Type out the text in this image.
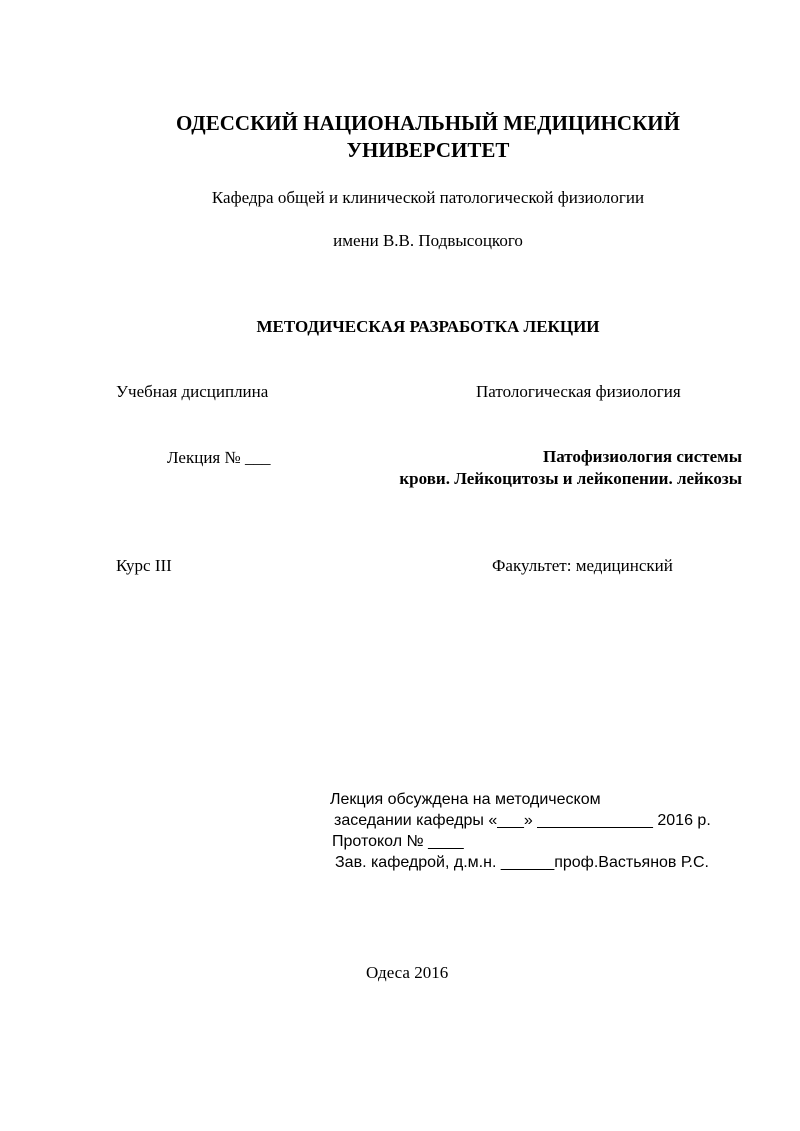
ОДЕССКИЙ НАЦИОНАЛЬНЫЙ МЕДИЦИНСКИЙ
УНИВЕРСИТЕТ
Кафедра общей и клинической патологической физиологии
имени В.В. Подвысоцкого
МЕТОДИЧЕСКАЯ РАЗРАБОТКА ЛЕКЦИИ
Учебная дисциплина	Патологическая физиология
Лекция № ___	Патофизиология системы
крови. Лейкоцитозы и лейкопении. лейкозы
Курс III	Факультет: медицинский
Лекция обсуждена на методическом
заседании кафедры «___» _____________ 2016 р.
Протокол № ____
Зав. кафедрой, д.м.н. ______проф.Вастьянов Р.С.
Одеса 2016
